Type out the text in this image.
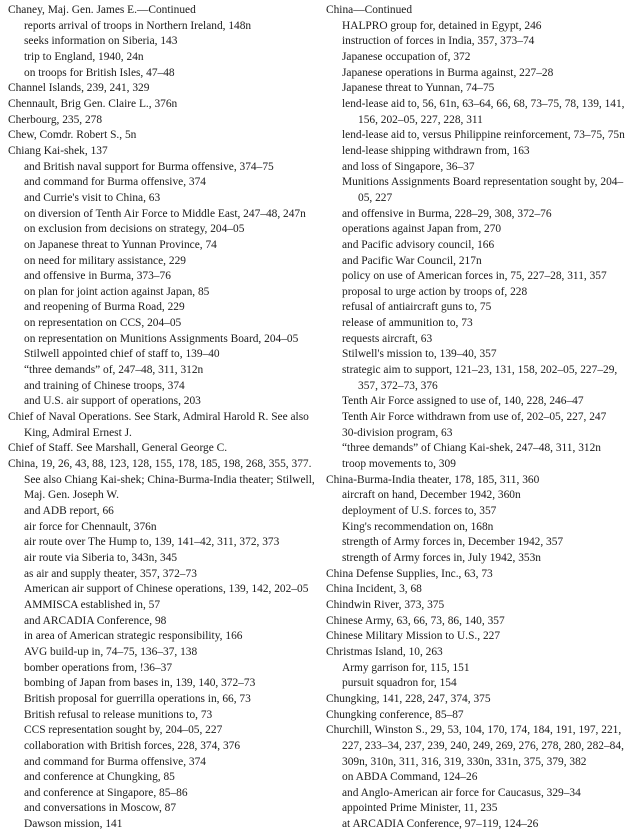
Chaney, Maj. Gen. James E.—Continued

reports arrival of troops in Northern Ireland, 148n

seeks information on Siberia, 143

trip to England, 1940, 24n

on troops for British Isles, 47–48

Channel Islands, 239, 241, 329

Chennault, Brig Gen. Claire L., 376n

Cherbourg, 235, 278

Chew, Comdr. Robert S., 5n

Chiang Kai-shek, 137

and British naval support for Burma offensive, 374–75

and command for Burma offensive, 374

and Currie's visit to China, 63

on diversion of Tenth Air Force to Middle East, 247–48, 247n

on exclusion from decisions on strategy, 204–05

on Japanese threat to Yunnan Province, 74

on need for military assistance, 229

and offensive in Burma, 373–76

on plan for joint action against Japan, 85

and reopening of Burma Road, 229

on representation on CCS, 204–05

on representation on Munitions Assignments Board, 204–05

Stilwell appointed chief of staff to, 139–40

“three demands” of, 247–48, 311, 312n

and training of Chinese troops, 374

and U.S. air support of operations, 203

Chief of Naval Operations. See Stark, Admiral Harold R. See also King, Admiral Ernest J.

Chief of Staff. See Marshall, General George C.

China, 19, 26, 43, 88, 123, 128, 155, 178, 185, 198, 268, 355, 377. See also Chiang Kai-shek; China-Burma-India theater; Stilwell, Maj. Gen. Joseph W.

and ADB report, 66

air force for Chennault, 376n

air route over The Hump to, 139, 141–42, 311, 372, 373

air route via Siberia to, 343n, 345

as air and supply theater, 357, 372–73

American air support of Chinese operations, 139, 142, 202–05

AMMISCA established in, 57

and ARCADIA Conference, 98

in area of American strategic responsibility, 166

AVG build-up in, 74–75, 136–37, 138

bomber operations from, !36–37

bombing of Japan from bases in, 139, 140, 372–73

British proposal for guerrilla operations in, 66, 73

British refusal to release munitions to, 73

CCS representation sought by, 204–05, 227

collaboration with British forces, 228, 374, 376

and command for Burma offensive, 374

and conference at Chungking, 85

and conference at Singapore, 85–86

and conversations in Moscow, 87

Dawson mission, 141

China—Continued

HALPRO group for, detained in Egypt, 246

instruction of forces in India, 357, 373–74

Japanese occupation of, 372

Japanese operations in Burma against, 227–28

Japanese threat to Yunnan, 74–75

lend-lease aid to, 56, 61n, 63–64, 66, 68, 73–75, 78, 139, 141, 156, 202–05, 227, 228, 311

lend-lease aid to, versus Philippine reinforcement, 73–75, 75n

lend-lease shipping withdrawn from, 163

and loss of Singapore, 36–37

Munitions Assignments Board representation sought by, 204–05, 227

and offensive in Burma, 228–29, 308, 372–76

operations against Japan from, 270

and Pacific advisory council, 166

and Pacific War Council, 217n

policy on use of American forces in, 75, 227–28, 311, 357

proposal to urge action by troops of, 228

refusal of antiaircraft guns to, 75

release of ammunition to, 73

requests aircraft, 63

Stilwell's mission to, 139–40, 357

strategic aim to support, 121–23, 131, 158, 202–05, 227–29, 357, 372–73, 376

Tenth Air Force assigned to use of, 140, 228, 246–47

Tenth Air Force withdrawn from use of, 202–05, 227, 247

30-division program, 63

“three demands” of Chiang Kai-shek, 247–48, 311, 312n

troop movements to, 309

China-Burma-India theater, 178, 185, 311, 360

aircraft on hand, December 1942, 360n

deployment of U.S. forces to, 357

King's recommendation on, 168n

strength of Army forces in, December 1942, 357

strength of Army forces in, July 1942, 353n

China Defense Supplies, Inc., 63, 73

China Incident, 3, 68

Chindwin River, 373, 375

Chinese Army, 63, 66, 73, 86, 140, 357

Chinese Military Mission to U.S., 227

Christmas Island, 10, 263

Army garrison for, 115, 151

pursuit squadron for, 154

Chungking, 141, 228, 247, 374, 375

Chungking conference, 85–87

Churchill, Winston S., 29, 53, 104, 170, 174, 184, 191, 197, 221, 227, 233–34, 237, 239, 240, 249, 269, 276, 278, 280, 282–84, 309n, 310n, 311, 316, 319, 330n, 331n, 375, 379, 382

on ABDA Command, 124–26

and Anglo-American air force for Caucasus, 329–34

appointed Prime Minister, 11, 235

at ARCADIA Conference, 97–119, 124–26
